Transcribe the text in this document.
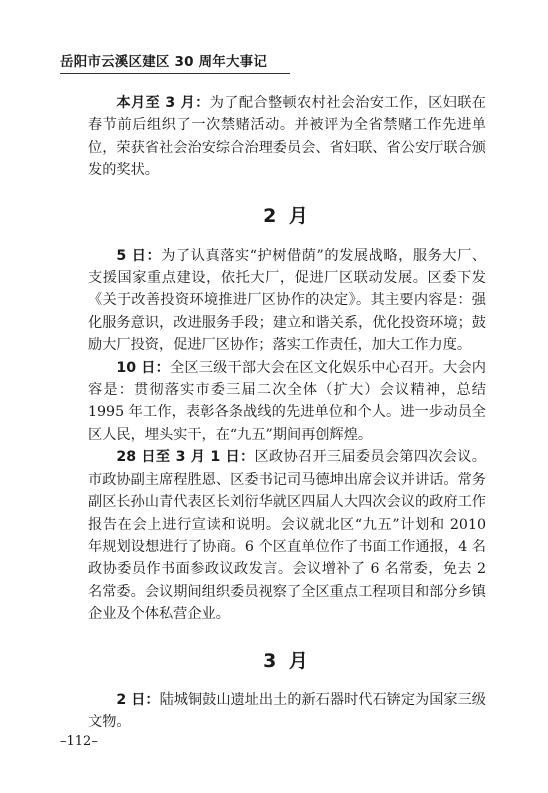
岳阳市云溪区建区 30 周年大事记

本月至 3 月：为了配合整顿农村社会治安工作，区妇联在春节前后组织了一次禁赌活动。并被评为全省禁赌工作先进单位，荣获省社会治安综合治理委员会、省妇联、省公安厅联合颁发的奖状。

2 月

5 日：为了认真落实“护树借荫”的发展战略，服务大厂、支援国家重点建设，依托大厂，促进厂区联动发展。区委下发《关于改善投资环境推进厂区协作的决定》。其主要内容是：强化服务意识，改进服务手段；建立和谐关系，优化投资环境；鼓励大厂投资，促进厂区协作；落实工作责任，加大工作力度。

10 日：全区三级干部大会在区文化娱乐中心召开。大会内容是：贯彻落实市委三届二次全体（扩大）会议精神，总结 1995 年工作，表彰各条战线的先进单位和个人。进一步动员全区人民，埋头实干，在“九五”期间再创辉煌。

28 日至 3 月 1 日：区政协召开三届委员会第四次会议。市政协副主席程胜恩、区委书记司马德坤出席会议并讲话。常务副区长孙山青代表区长刘衍华就区四届人大四次会议的政府工作报告在会上进行宣读和说明。会议就北区“九五”计划和 2010 年规划设想进行了协商。6 个区直单位作了书面工作通报，4 名政协委员作书面参政议政发言。会议增补了 6 名常委，免去 2 名常委。会议期间组织委员视察了全区重点工程项目和部分乡镇企业及个体私营企业。

3 月

2 日：陆城铜鼓山遗址出土的新石器时代石锛定为国家三级文物。

–112–
